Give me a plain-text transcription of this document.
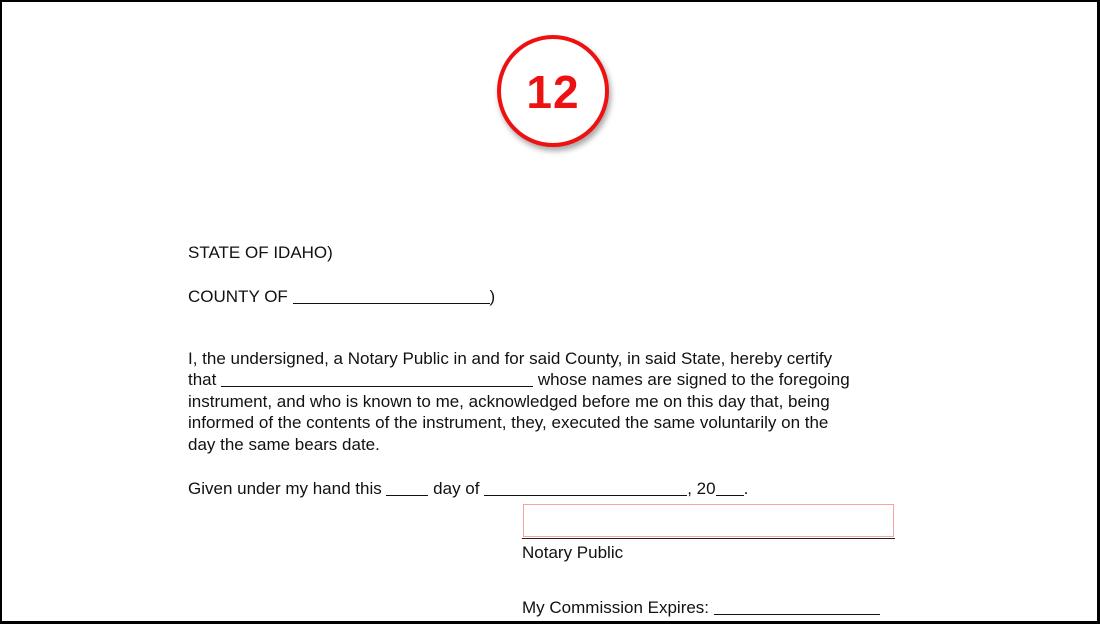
12
STATE OF IDAHO)
COUNTY OF	)
I, the undersigned, a Notary Public in and for said County, in said State, hereby certify
that	whose names are signed to the foregoing
instrument, and who is known to me, acknowledged before me on this day that, being
informed of the contents of the instrument, they, executed the same voluntarily on the
day the same bears date.
Given under my hand this  day of	, 20 .
Notary Public
My Commission Expires:
